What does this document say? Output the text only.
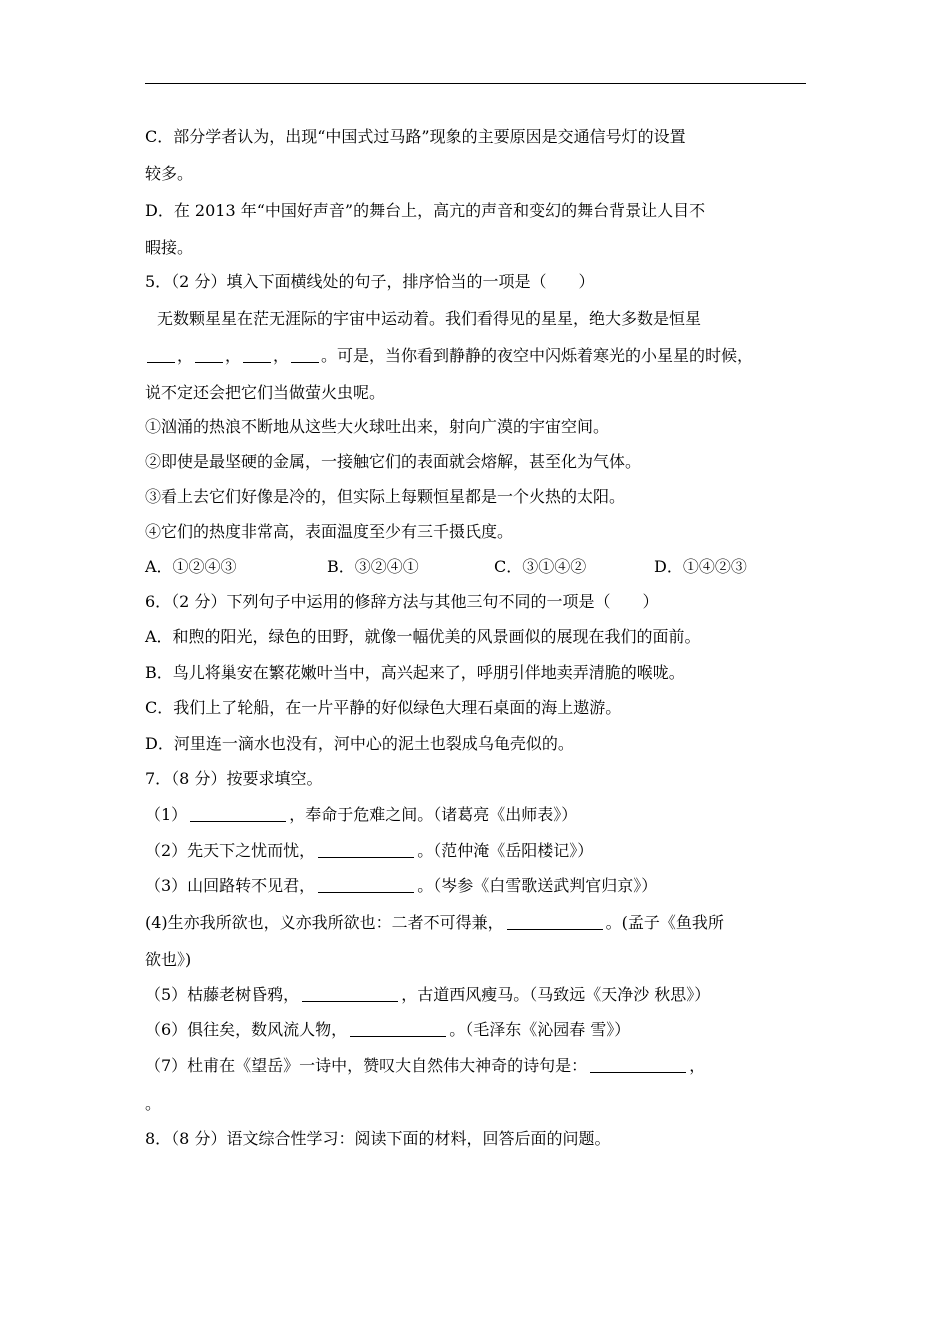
C．部分学者认为，出现“中国式过马路”现象的主要原因是交通信号灯的设置
较多。
D．在 2013 年“中国好声音”的舞台上，高亢的声音和变幻的舞台背景让人目不
暇接。
5．（2 分）填入下面横线处的句子，排序恰当的一项是（　　）
无数颗星星在茫无涯际的宇宙中运动着。我们看得见的星星，绝大多数是恒星
， ， ， 。可是，当你看到静静的夜空中闪烁着寒光的小星星的时候，
说不定还会把它们当做萤火虫呢。
①汹涌的热浪不断地从这些大火球吐出来，射向广漠的宇宙空间。
②即使是最坚硬的金属，一接触它们的表面就会熔解，甚至化为气体。
③看上去它们好像是冷的，但实际上每颗恒星都是一个火热的太阳。
④它们的热度非常高，表面温度至少有三千摄氏度。
A．①②④③	B．③②④①	C．③①④②	D．①④②③
6．（2 分）下列句子中运用的修辞方法与其他三句不同的一项是（　　）
A．和煦的阳光，绿色的田野，就像一幅优美的风景画似的展现在我们的面前。
B．鸟儿将巢安在繁花嫩叶当中，高兴起来了，呼朋引伴地卖弄清脆的喉咙。
C．我们上了轮船，在一片平静的好似绿色大理石桌面的海上遨游。
D．河里连一滴水也没有，河中心的泥土也裂成乌龟壳似的。
7．（8 分）按要求填空。
（1）	，奉命于危难之间。（诸葛亮《出师表》）
（2）先天下之忧而忧，	。（范仲淹《岳阳楼记》）
（3）山回路转不见君，	。（岑参《白雪歌送武判官归京》）
(4)生亦我所欲也，义亦我所欲也：二者不可得兼，	。(孟子《鱼我所
欲也》)
（5）枯藤老树昏鸦，	，古道西风瘦马。（马致远《天净沙 秋思》）
（6）俱往矣，数风流人物，	。（毛泽东《沁园春 雪》）
（7）杜甫在《望岳》一诗中，赞叹大自然伟大神奇的诗句是：	，
。
8．（8 分）语文综合性学习：阅读下面的材料，回答后面的问题。
